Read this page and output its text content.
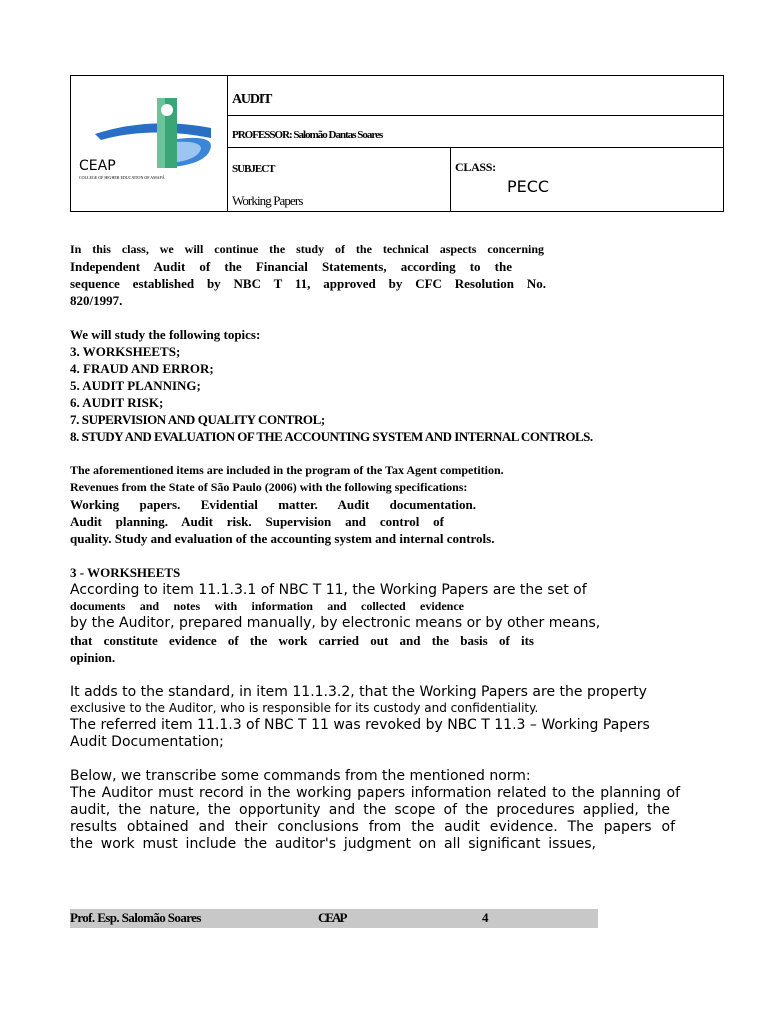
CEAP
COLLEGE OF HIGHER EDUCATION OF AMAPÁ
AUDIT
PROFESSOR: Salomão Dantas Soares
SUBJECT
Working Papers
CLASS:
PECC
In this class, we will continue the study of the technical aspects concerning
Independent Audit of the Financial Statements, according to the
sequence established by NBC T 11, approved by CFC Resolution No.
820/1997.
We will study the following topics:
3. WORKSHEETS;
4. FRAUD AND ERROR;
5. AUDIT PLANNING;
6. AUDIT RISK;
7. SUPERVISION AND QUALITY CONTROL;
8. STUDY AND EVALUATION OF THE ACCOUNTING SYSTEM AND INTERNAL CONTROLS.
The aforementioned items are included in the program of the Tax Agent competition.
Revenues from the State of São Paulo (2006) with the following specifications:
Working papers. Evidential matter. Audit documentation.
Audit planning. Audit risk. Supervision and control of
quality. Study and evaluation of the accounting system and internal controls.
3 - WORKSHEETS
According to item 11.1.3.1 of NBC T 11, the Working Papers are the set of
documents and notes with information and collected evidence
by the Auditor, prepared manually, by electronic means or by other means,
that constitute evidence of the work carried out and the basis of its
opinion.
It adds to the standard, in item 11.1.3.2, that the Working Papers are the property
exclusive to the Auditor, who is responsible for its custody and confidentiality.
The referred item 11.1.3 of NBC T 11 was revoked by NBC T 11.3 – Working Papers
Audit Documentation;
Below, we transcribe some commands from the mentioned norm:
The Auditor must record in the working papers information related to the planning of
audit, the nature, the opportunity and the scope of the procedures applied, the
results obtained and their conclusions from the audit evidence. The papers of
the work must include the auditor's judgment on all significant issues,
Prof. Esp. Salomão Soares	CEAP	4
